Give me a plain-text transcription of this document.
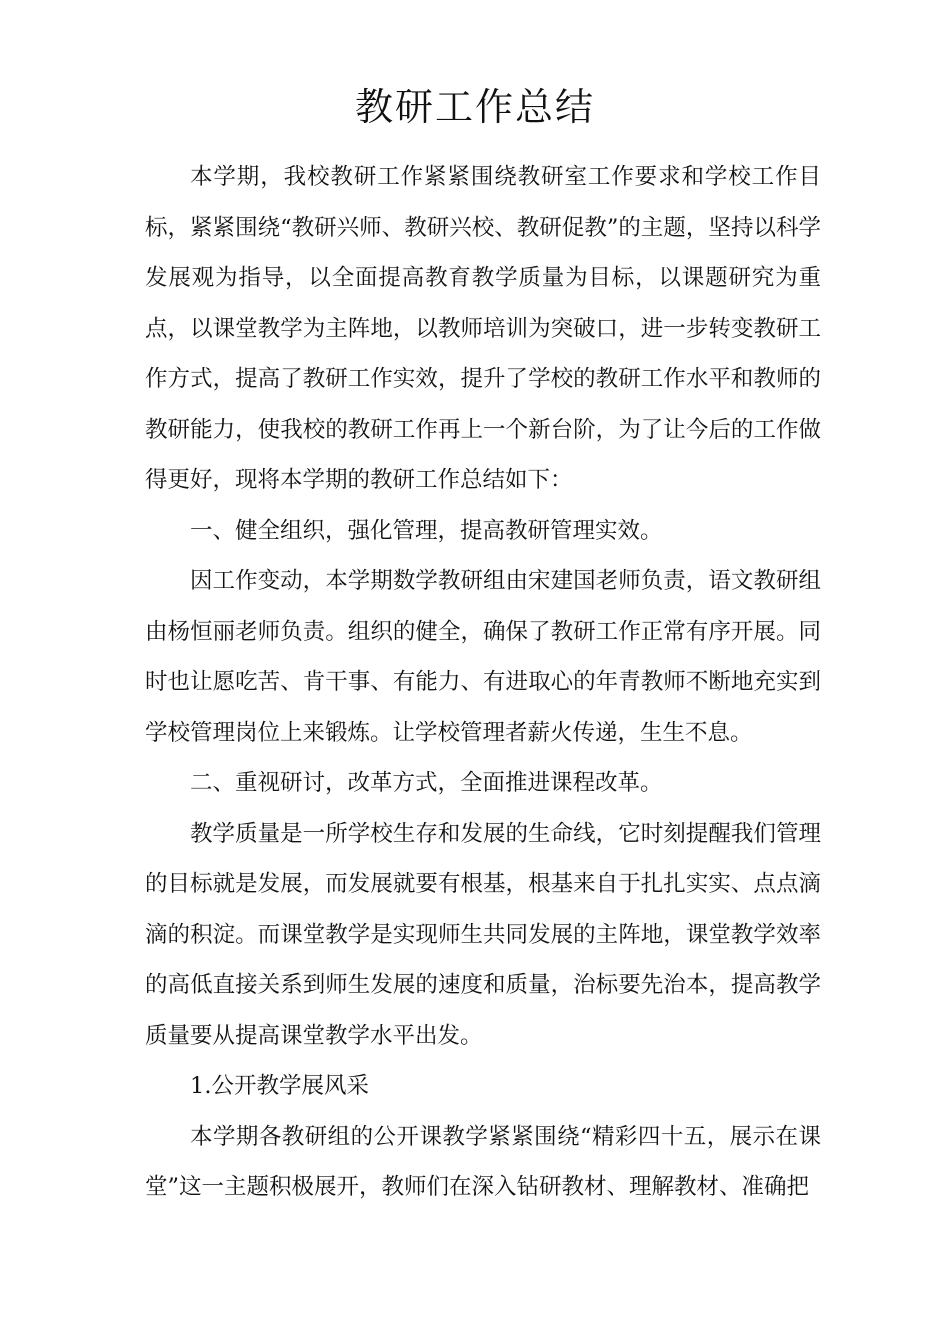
教研工作总结

本学期，我校教研工作紧紧围绕教研室工作要求和学校工作目标，紧紧围绕“教研兴师、教研兴校、教研促教”的主题，坚持以科学发展观为指导，以全面提高教育教学质量为目标，以课题研究为重点，以课堂教学为主阵地，以教师培训为突破口，进一步转变教研工作方式，提高了教研工作实效，提升了学校的教研工作水平和教师的教研能力，使我校的教研工作再上一个新台阶，为了让今后的工作做得更好，现将本学期的教研工作总结如下：

一、健全组织，强化管理，提高教研管理实效。

因工作变动，本学期数学教研组由宋建国老师负责，语文教研组由杨恒丽老师负责。组织的健全，确保了教研工作正常有序开展。同时也让愿吃苦、肯干事、有能力、有进取心的年青教师不断地充实到学校管理岗位上来锻炼。让学校管理者薪火传递，生生不息。

二、重视研讨，改革方式，全面推进课程改革。

教学质量是一所学校生存和发展的生命线，它时刻提醒我们管理的目标就是发展，而发展就要有根基，根基来自于扎扎实实、点点滴滴的积淀。而课堂教学是实现师生共同发展的主阵地，课堂教学效率的高低直接关系到师生发展的速度和质量，治标要先治本，提高教学质量要从提高课堂教学水平出发。

1.公开教学展风采

本学期各教研组的公开课教学紧紧围绕“精彩四十五，展示在课堂”这一主题积极展开，教师们在深入钻研教材、理解教材、准确把
